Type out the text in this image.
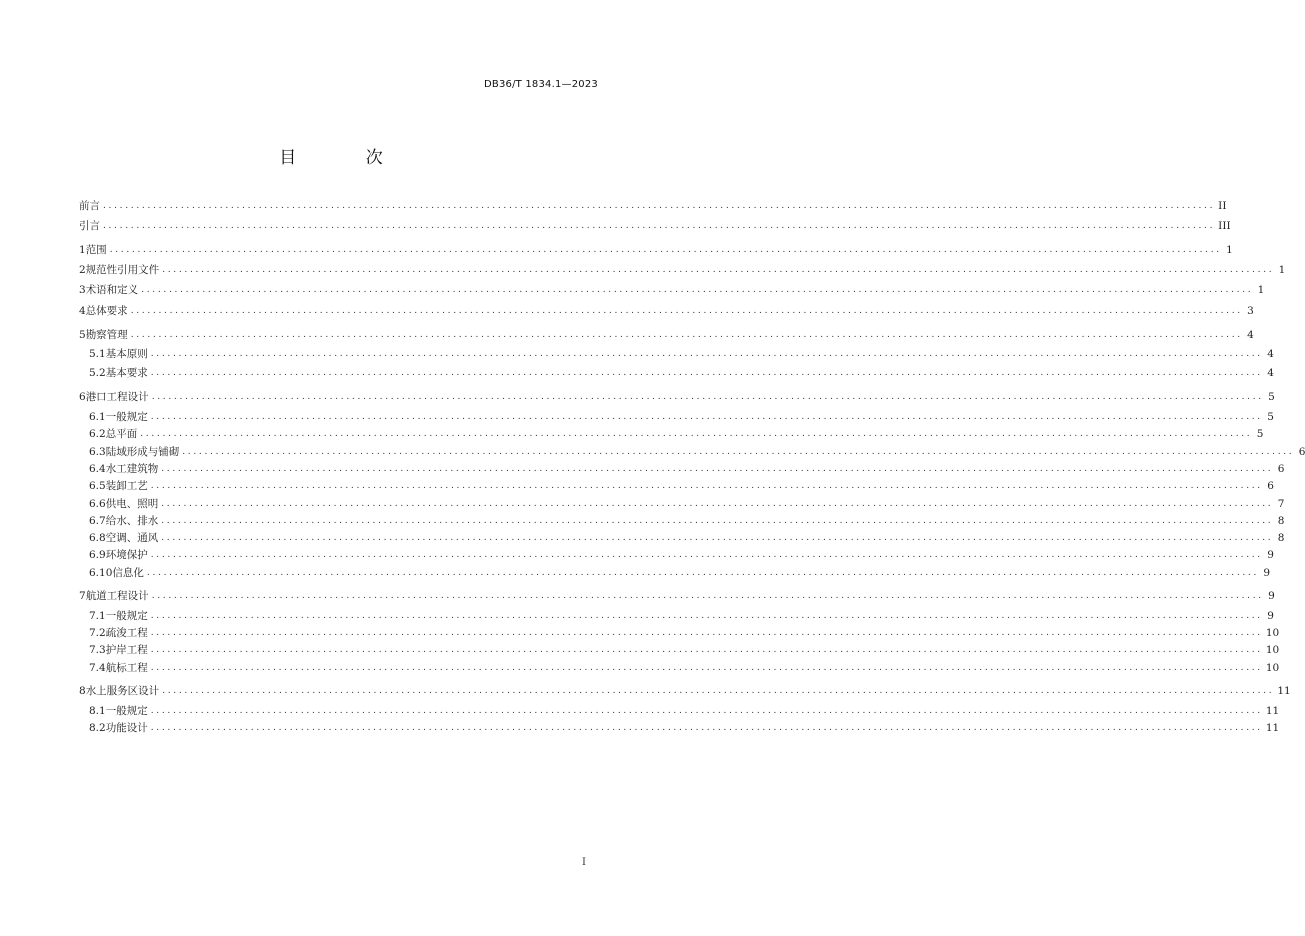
DB36/T 1834.1—2023
目 次
前言 ........................................................................................................................................................................................................ II
引言 ........................................................................................................................................................................................................ III
1 范围 ........................................................................................................................................................................................................ 1
2 规范性引用文件 ........................................................................................................................................................................................................ 1
3 术语和定义 ........................................................................................................................................................................................................ 1
4 总体要求 ........................................................................................................................................................................................................ 3
5 勘察管理 ........................................................................................................................................................................................................ 4
5.1 基本原则 ........................................................................................................................................................................................................ 4
5.2 基本要求 ........................................................................................................................................................................................................ 4
6 港口工程设计 ........................................................................................................................................................................................................ 5
6.1 一般规定 ........................................................................................................................................................................................................ 5
6.2 总平面 ........................................................................................................................................................................................................ 5
6.3 陆域形成与铺砌 ........................................................................................................................................................................................................ 6
6.4 水工建筑物 ........................................................................................................................................................................................................ 6
6.5 装卸工艺 ........................................................................................................................................................................................................ 6
6.6 供电、照明 ........................................................................................................................................................................................................ 7
6.7 给水、排水 ........................................................................................................................................................................................................ 8
6.8 空调、通风 ........................................................................................................................................................................................................ 8
6.9 环境保护 ........................................................................................................................................................................................................ 9
6.10 信息化 ........................................................................................................................................................................................................ 9
7 航道工程设计 ........................................................................................................................................................................................................ 9
7.1 一般规定 ........................................................................................................................................................................................................ 9
7.2 疏浚工程 ........................................................................................................................................................................................................ 10
7.3 护岸工程 ........................................................................................................................................................................................................ 10
7.4 航标工程 ........................................................................................................................................................................................................ 10
8 水上服务区设计 ........................................................................................................................................................................................................ 11
8.1 一般规定 ........................................................................................................................................................................................................ 11
8.2 功能设计 ........................................................................................................................................................................................................ 11
I
